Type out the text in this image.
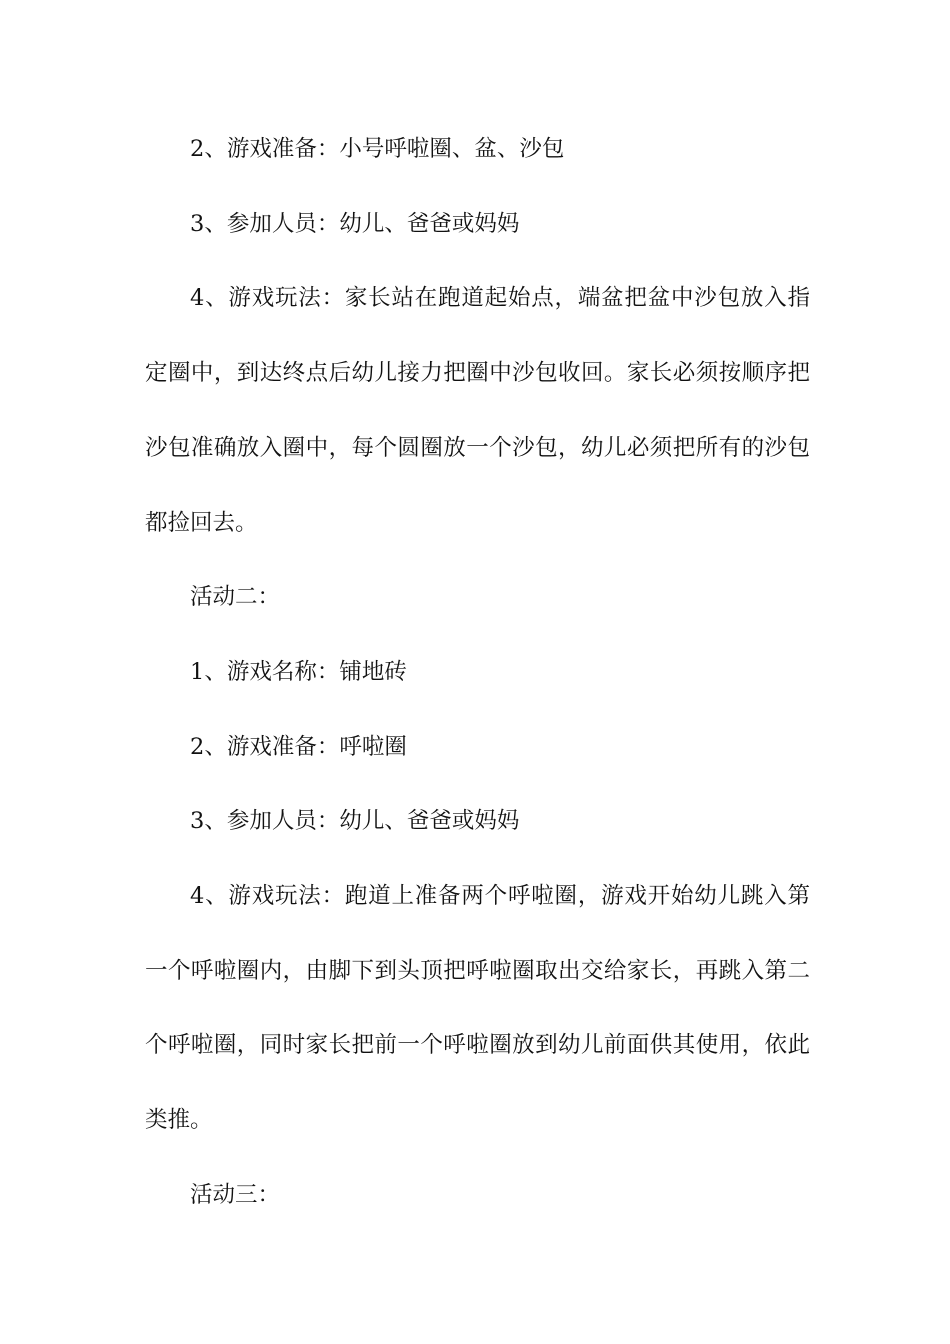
2、游戏准备：小号呼啦圈、盆、沙包

3、参加人员：幼儿、爸爸或妈妈

4、游戏玩法：家长站在跑道起始点，端盆把盆中沙包放入指定圈中，到达终点后幼儿接力把圈中沙包收回。家长必须按顺序把沙包准确放入圈中，每个圆圈放一个沙包，幼儿必须把所有的沙包都捡回去。

活动二：

1、游戏名称：铺地砖

2、游戏准备：呼啦圈

3、参加人员：幼儿、爸爸或妈妈

4、游戏玩法：跑道上准备两个呼啦圈，游戏开始幼儿跳入第一个呼啦圈内，由脚下到头顶把呼啦圈取出交给家长，再跳入第二个呼啦圈，同时家长把前一个呼啦圈放到幼儿前面供其使用，依此类推。

活动三：
